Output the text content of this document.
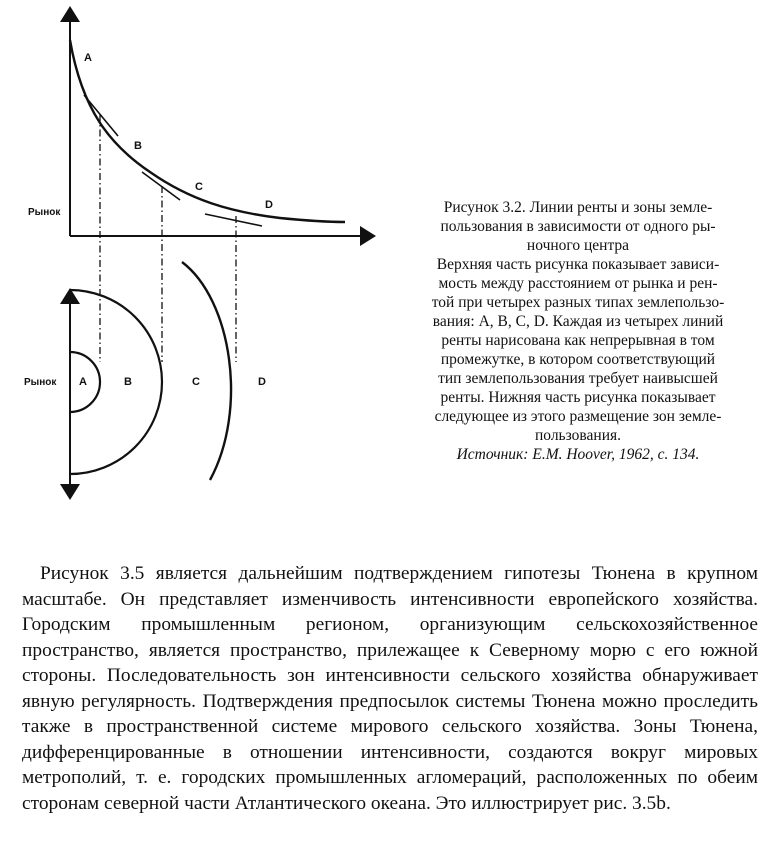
Рынок
Рынок
A
B
C
D
A	B	C	D
Рисунок 3.2. Линии ренты и зоны земле-
пользования в зависимости от одного ры-
ночного центра
Верхняя часть рисунка показывает зависи-
мость между расстоянием от рынка и рен-
той при четырех разных типах землепользо-
вания: A, B, C, D. Каждая из четырех линий
ренты нарисована как непрерывная в том
промежутке, в котором соответствующий
тип землепользования требует наивысшей
ренты. Нижняя часть рисунка показывает
следующее из этого размещение зон земле-
пользования.
Источник: E.M. Hoover, 1962, с. 134.

Рисунок 3.5 является дальнейшим подтверждением гипотезы Тюнена в крупном масштабе. Он представляет изменчивость интенсивности европейского хозяйства. Городским промышленным регионом, организующим сельскохозяйственное пространство, является пространство, прилежащее к Северному морю с его южной стороны. Последовательность зон интенсивности сельского хозяйства обнаруживает явную регулярность. Подтверждения предпосылок системы Тюнена можно проследить также в пространственной системе мирового сельского хозяйства. Зоны Тюнена, дифференцированные в отношении интенсивности, создаются вокруг мировых метрополий, т. е. городских промышленных агломераций, расположенных по обеим сторонам северной части Атлантического океана. Это иллюстрирует рис. 3.5b.
